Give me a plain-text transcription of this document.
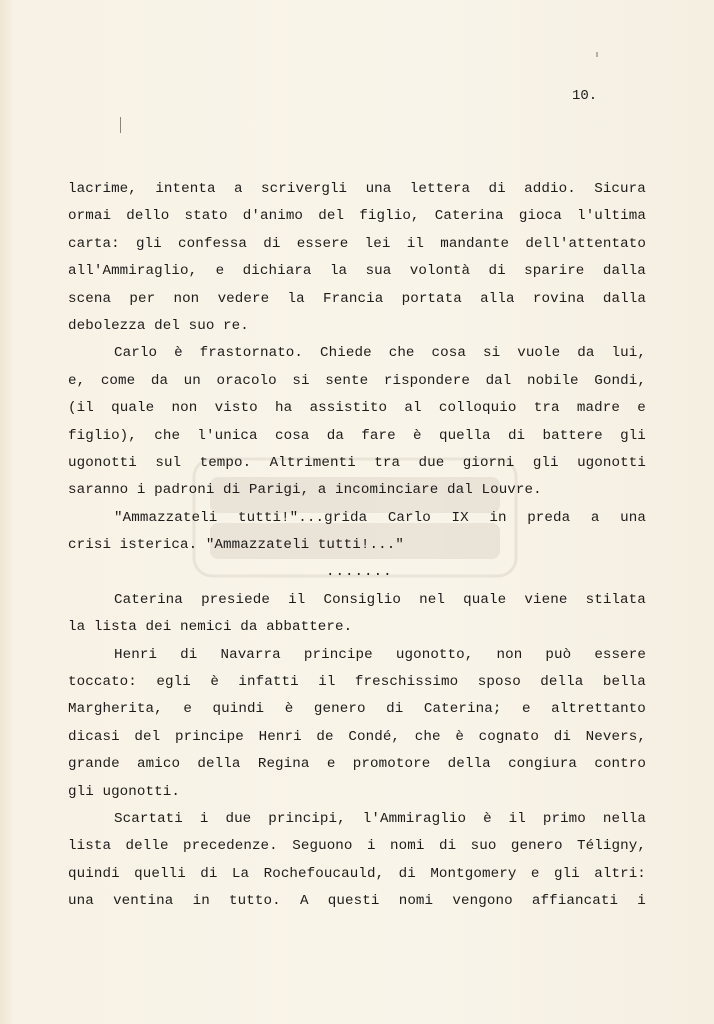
10.
lacrime, intenta a scrivergli una lettera di addio. Sicura
ormai dello stato d'animo del figlio, Caterina gioca l'ultima
carta: gli confessa di essere lei il mandante dell'attentato
all'Ammiraglio, e dichiara la sua volontà di sparire dalla
scena per non vedere la Francia portata alla rovina dalla
debolezza del suo re.
Carlo è frastornato. Chiede che cosa si vuole da lui,
e, come da un oracolo si sente rispondere dal nobile Gondi,
(il quale non visto ha assistito al colloquio tra madre e
figlio), che l'unica cosa da fare è quella di battere gli
ugonotti sul tempo. Altrimenti tra due giorni gli ugonotti
saranno i padroni di Parigi, a incominciare dal Louvre.
"Ammazzateli tutti!"...grida Carlo IX in preda a una
crisi isterica. "Ammazzateli tutti!..."
.......
Caterina presiede il Consiglio nel quale viene stilata
la lista dei nemici da abbattere.
Henri di Navarra principe ugonotto, non può essere
toccato: egli è infatti il freschissimo sposo della bella
Margherita, e quindi è genero di Caterina; e altrettanto
dicasi del principe Henri de Condé, che è cognato di Nevers,
grande amico della Regina e promotore della congiura contro
gli ugonotti.
Scartati i due principi, l'Ammiraglio è il primo nella
lista delle precedenze. Seguono i nomi di suo genero Téligny,
quindi quelli di La Rochefoucauld, di Montgomery e gli altri:
una ventina in tutto. A questi nomi vengono affiancati i
